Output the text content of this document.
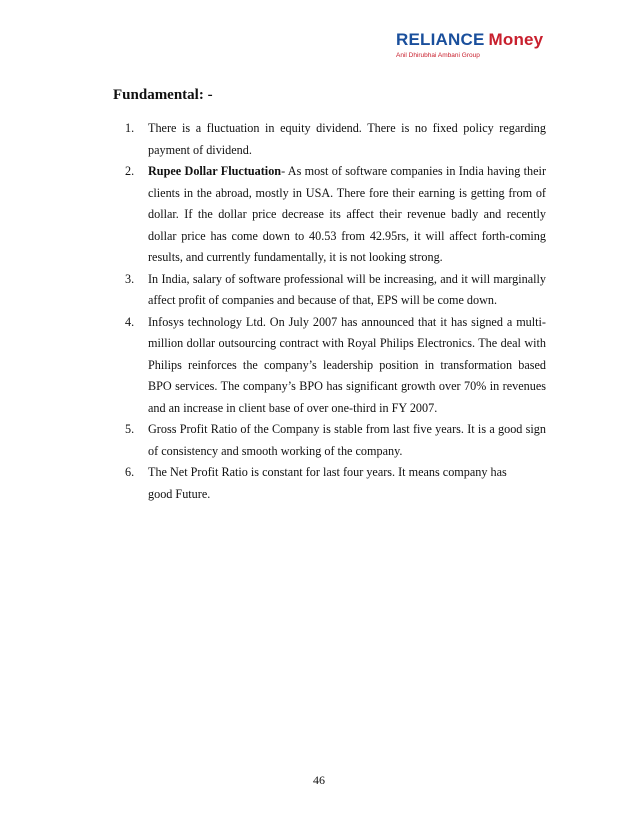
RELIANCE Money
Anil Dhirubhai Ambani Group
Fundamental: -
1. There is a fluctuation in equity dividend. There is no fixed policy regarding payment of dividend.
2. Rupee Dollar Fluctuation- As most of software companies in India having their clients in the abroad, mostly in USA. There fore their earning is getting from of dollar. If the dollar price decrease its affect their revenue badly and recently dollar price has come down to 40.53 from 42.95rs, it will affect forth-coming results, and currently fundamentally, it is not looking strong.
3. In India, salary of software professional will be increasing, and it will marginally affect profit of companies and because of that, EPS will be come down.
4. Infosys technology Ltd. On July 2007 has announced that it has signed a multi-million dollar outsourcing contract with Royal Philips Electronics. The deal with Philips reinforces the company’s leadership position in transformation based BPO services. The company’s BPO has significant growth over 70% in revenues and an increase in client base of over one-third in FY 2007.
5. Gross Profit Ratio of the Company is stable from last five years. It is a good sign of consistency and smooth working of the company.
6. The Net Profit Ratio is constant for last four years. It means company has good Future.
46
